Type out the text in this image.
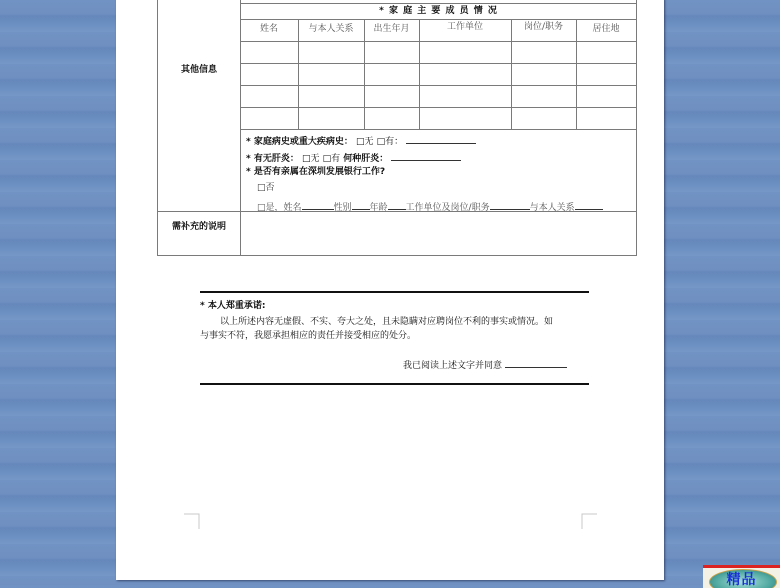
其他信息
* 家 庭 主 要 成 员 情 况
姓名	与本人关系	出生年月	工作单位	岗位/职务	居住地
* 家庭病史或重大疾病史： □无 □有：
* 有无肝炎： □无 □有 何种肝炎：
* 是否有亲属在深圳发展银行工作?
□否
□是，姓名	性别 年龄 工作单位及岗位/职务	与本人关系
需补充的说明
* 本人郑重承诺:
以上所述内容无虚假、不实、夸大之处，且未隐瞒对应聘岗位不利的事实或情况。如
与事实不符，我愿承担相应的责任并接受相应的处分。
我已阅读上述文字并同意
精品
